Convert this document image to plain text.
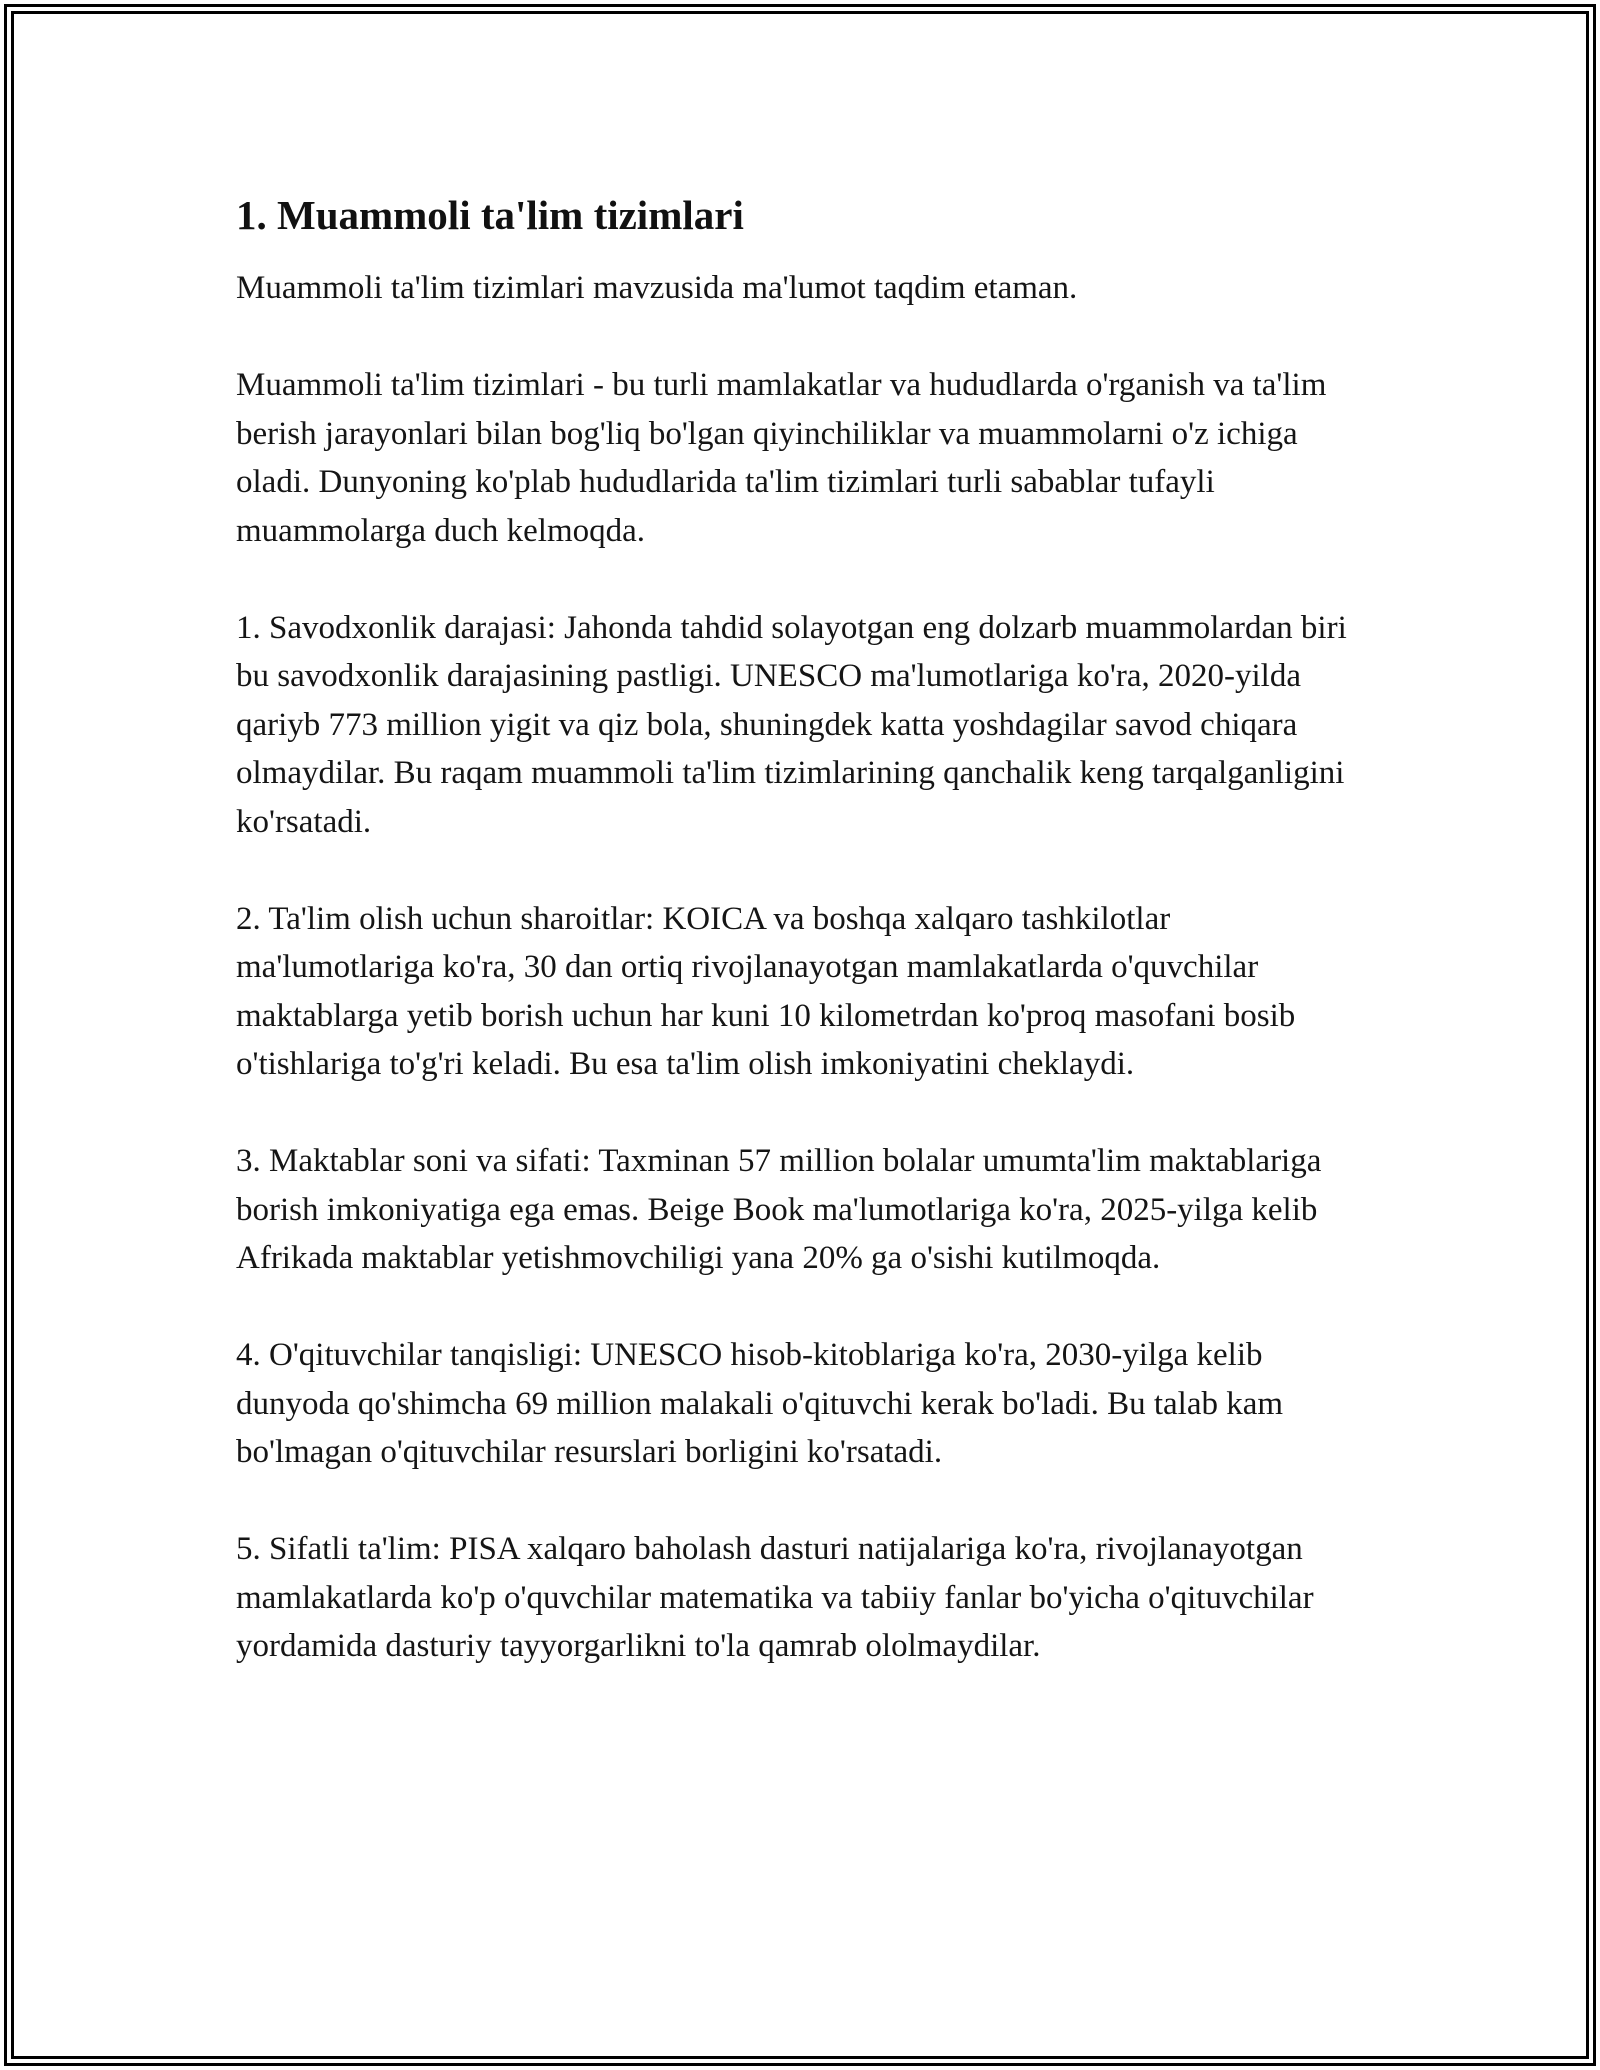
1. Muammoli ta'lim tizimlari

Muammoli ta'lim tizimlari mavzusida ma'lumot taqdim etaman.

Muammoli ta'lim tizimlari - bu turli mamlakatlar va hududlarda o'rganish va ta'lim berish jarayonlari bilan bog'liq bo'lgan qiyinchiliklar va muammolarni o'z ichiga oladi. Dunyoning ko'plab hududlarida ta'lim tizimlari turli sabablar tufayli muammolarga duch kelmoqda.

1. Savodxonlik darajasi: Jahonda tahdid solayotgan eng dolzarb muammolardan biri bu savodxonlik darajasining pastligi. UNESCO ma'lumotlariga ko'ra, 2020-yilda qariyb 773 million yigit va qiz bola, shuningdek katta yoshdagilar savod chiqara olmaydilar. Bu raqam muammoli ta'lim tizimlarining qanchalik keng tarqalganligini ko'rsatadi.

2. Ta'lim olish uchun sharoitlar: KOICA va boshqa xalqaro tashkilotlar ma'lumotlariga ko'ra, 30 dan ortiq rivojlanayotgan mamlakatlarda o'quvchilar maktablarga yetib borish uchun har kuni 10 kilometrdan ko'proq masofani bosib o'tishlariga to'g'ri keladi. Bu esa ta'lim olish imkoniyatini cheklaydi.

3. Maktablar soni va sifati: Taxminan 57 million bolalar umumta'lim maktablariga borish imkoniyatiga ega emas. Beige Book ma'lumotlariga ko'ra, 2025-yilga kelib Afrikada maktablar yetishmovchiligi yana 20% ga o'sishi kutilmoqda.

4. O'qituvchilar tanqisligi: UNESCO hisob-kitoblariga ko'ra, 2030-yilga kelib dunyoda qo'shimcha 69 million malakali o'qituvchi kerak bo'ladi. Bu talab kam bo'lmagan o'qituvchilar resurslari borligini ko'rsatadi.

5. Sifatli ta'lim: PISA xalqaro baholash dasturi natijalariga ko'ra, rivojlanayotgan mamlakatlarda ko'p o'quvchilar matematika va tabiiy fanlar bo'yicha o'qituvchilar yordamida dasturiy tayyorgarlikni to'la qamrab ololmaydilar.
